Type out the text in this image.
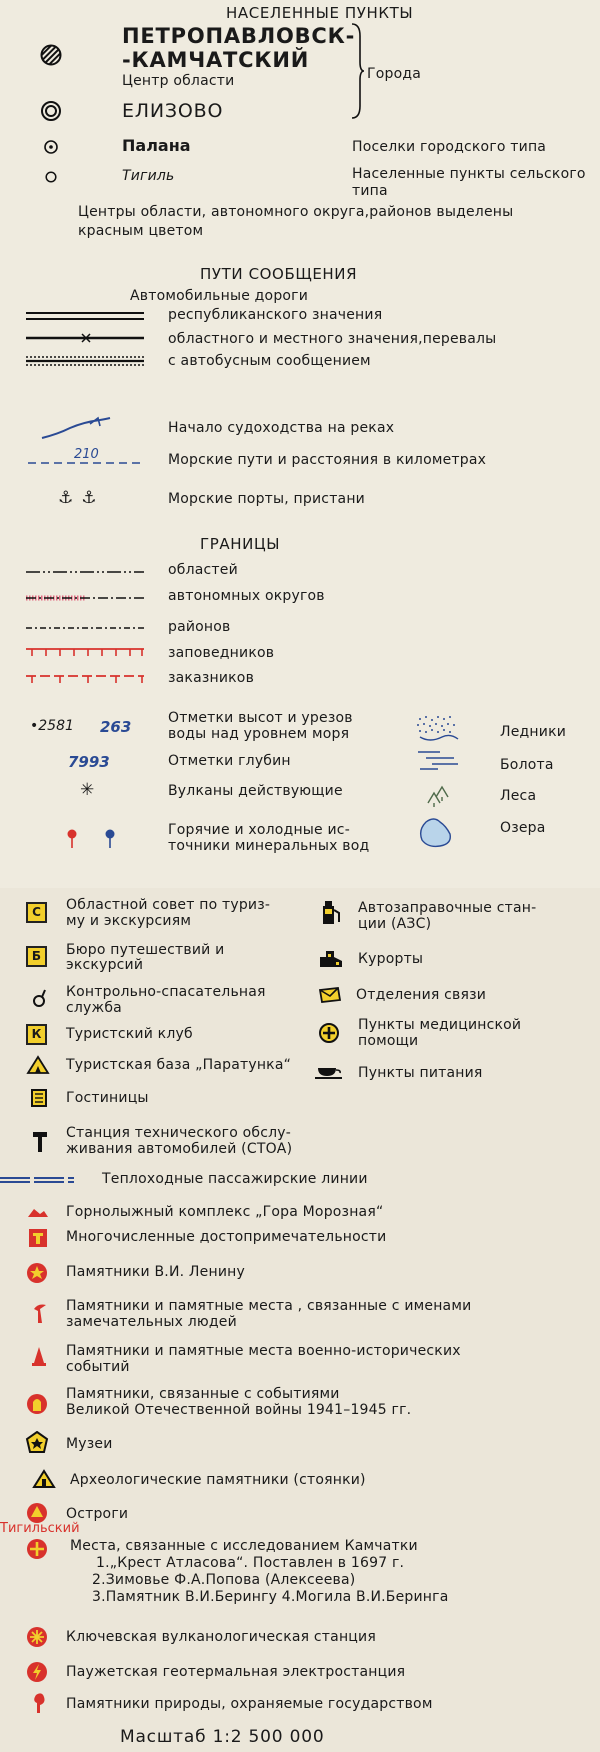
НАСЕЛЕННЫЕ ПУНКТЫ
ПЕТРОПАВЛОВСК-
-КАМЧАТСКИЙ
Центр области
ЕЛИЗОВО
Города
Палана	Поселки городского типа
Тигиль	Населенные пункты сельского
типа
Центры области, автономного округа,районов выделены
красным цветом
ПУТИ СООБЩЕНИЯ
Автомобильные дороги
республиканского значения
областного и местного значения,перевалы
с автобусным сообщением
Начало судоходства на реках
210	Морские пути и расстояния в километрах
⚓⚓	Морские порты, пристани
ГРАНИЦЫ
областей
автономных округов
районов
заповедников
заказников
•2581 263	Отметки высот и урезов
воды над уровнем моря
7993	Отметки глубин
✳	Вулканы действующие
Горячие и холодные ис-
точники минеральных вод
Ледники
Болота
Леса
Озера
С	Областной совет по туриз-
му и экскурсиям
Б	Бюро путешествий и
экскурсий
Контрольно-спасательная
служба
К	Туристский клуб
Туристская база „Паратунка“
Гостиницы
Станция технического обслу-
живания автомобилей (СТОА)
Автозаправочные стан-
ции (АЗС)
Курорты
Отделения связи
Пункты медицинской
помощи
Пункты питания
Теплоходные пассажирские линии
Горнолыжный комплекс „Гора Морозная“
Многочисленные достопримечательности
Памятники В.И. Ленину
Памятники и памятные места , связанные с именами
замечательных людей
Памятники и памятные места военно-исторических
событий
Памятники, связанные с событиями
Великой Отечественной войны 1941–1945 гг.
Музеи
Археологические памятники (стоянки)
Остроги
Тигильский
Места, связанные с исследованием Камчатки
1.„Крест Атласова“. Поставлен в 1697 г.
2.Зимовье Ф.А.Попова (Алексеева)
3.Памятник В.И.Берингу 4.Могила В.И.Беринга
Ключевская вулканологическая станция
Паужетская геотермальная электростанция
Памятники природы, охраняемые государством
Масштаб 1:2 500 000
